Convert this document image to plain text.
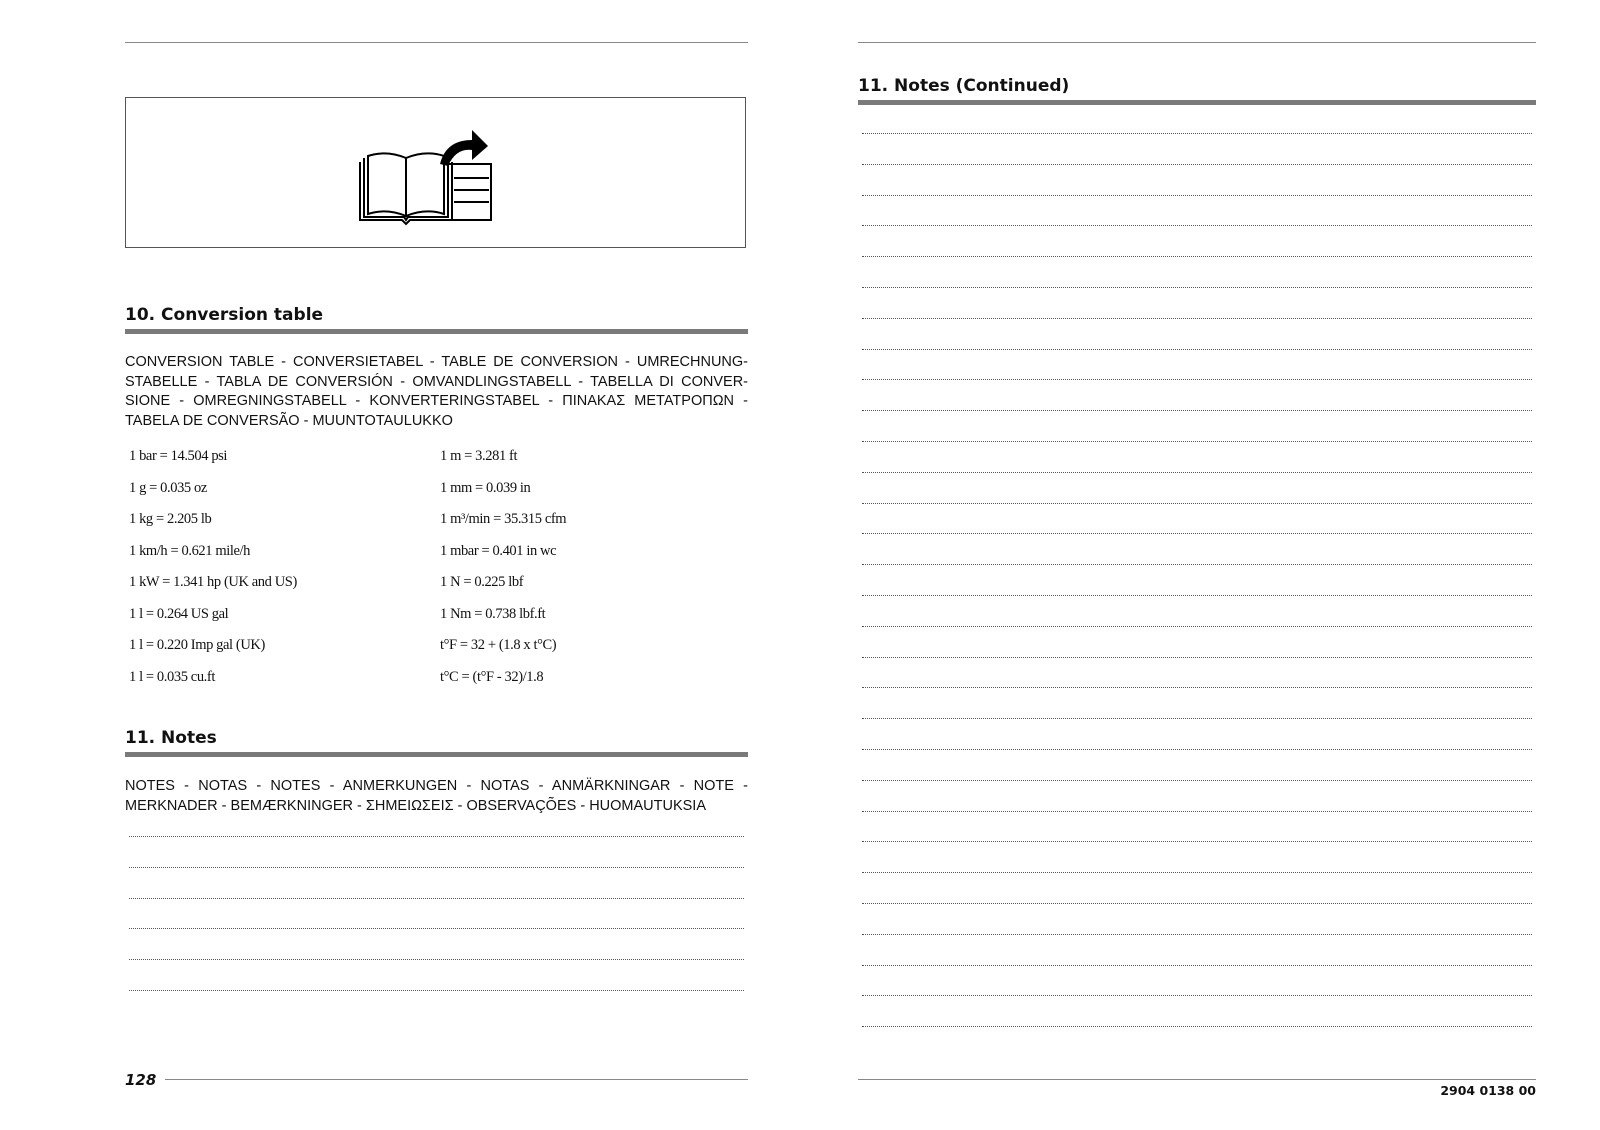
10. Conversion table
CONVERSION TABLE - CONVERSIETABEL - TABLE DE CONVERSION - UMRECHNUNG-STABELLE - TABLA DE CONVERSIÓN - OMVANDLINGSTABELL - TABELLA DI CONVER-SIONE - OMREGNINGSTABELL - KONVERTERINGSTABEL - ΠΙΝΑΚΑΣ ΜΕΤΑΤΡΟΠΩΝ - TABELA DE CONVERSÃO - MUUNTOTAULUKKO
1 bar = 14.504 psi	1 m = 3.281 ft
1 g = 0.035 oz	1 mm = 0.039 in
1 kg = 2.205 lb	1 m³/min = 35.315 cfm
1 km/h = 0.621 mile/h	1 mbar = 0.401 in wc
1 kW = 1.341 hp (UK and US)	1 N = 0.225 lbf
1 l = 0.264 US gal	1 Nm = 0.738 lbf.ft
1 l = 0.220 Imp gal (UK)	t°F = 32 + (1.8 x t°C)
1 l = 0.035 cu.ft	t°C = (t°F - 32)/1.8
11. Notes
NOTES - NOTAS - NOTES - ANMERKUNGEN - NOTAS - ANMÄRKNINGAR - NOTE - MERKNADER - BEMÆRKNINGER - ΣΗΜΕΙΩΣΕΙΣ - OBSERVAÇÕES - HUOMAUTUKSIA
128
11. Notes (Continued)
2904 0138 00
